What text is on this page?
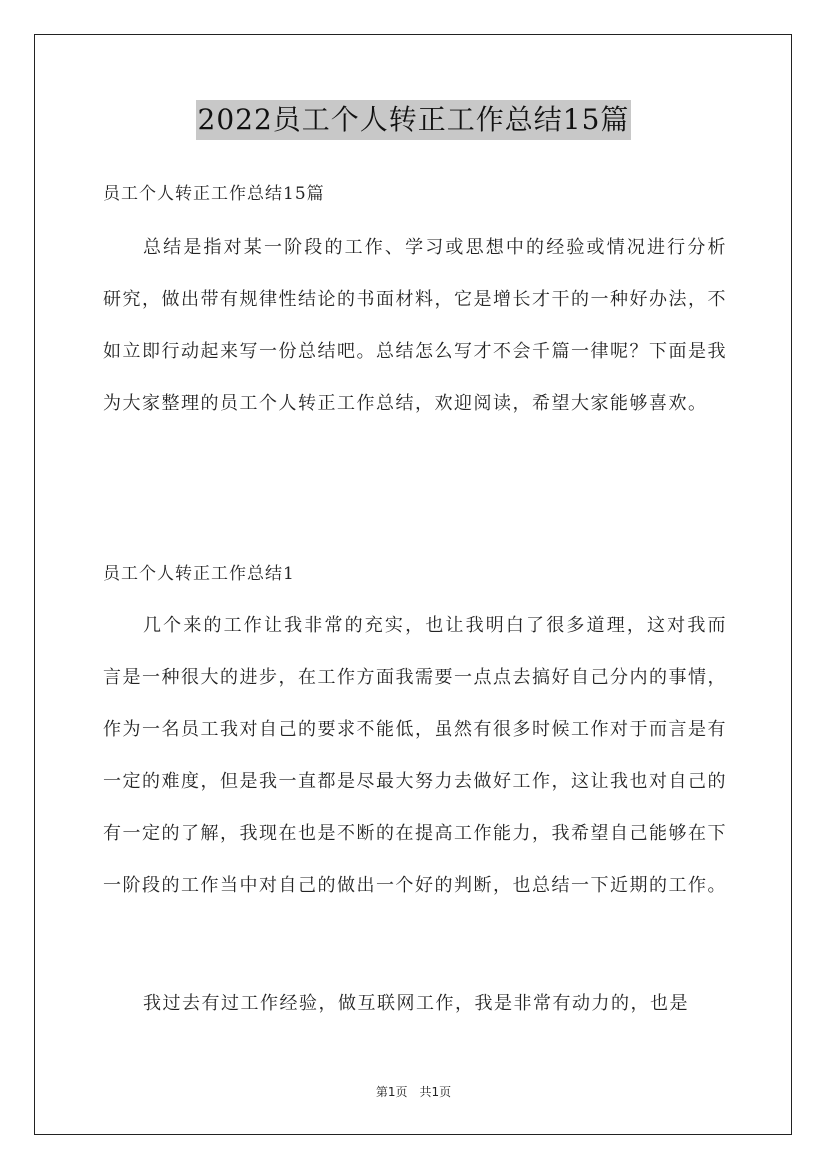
2022员工个人转正工作总结15篇
员工个人转正工作总结15篇

总结是指对某一阶段的工作、学习或思想中的经验或情况进行分析研究，做出带有规律性结论的书面材料，它是增长才干的一种好办法，不如立即行动起来写一份总结吧。总结怎么写才不会千篇一律呢？下面是我为大家整理的员工个人转正工作总结，欢迎阅读，希望大家能够喜欢。

员工个人转正工作总结1

几个来的工作让我非常的充实，也让我明白了很多道理，这对我而言是一种很大的进步，在工作方面我需要一点点去搞好自己分内的事情，作为一名员工我对自己的要求不能低，虽然有很多时候工作对于而言是有一定的难度，但是我一直都是尽最大努力去做好工作，这让我也对自己的有一定的了解，我现在也是不断的在提高工作能力，我希望自己能够在下一阶段的工作当中对自己的做出一个好的判断，也总结一下近期的工作。

我过去有过工作经验，做互联网工作，我是非常有动力的，也是

第1页　共1页
